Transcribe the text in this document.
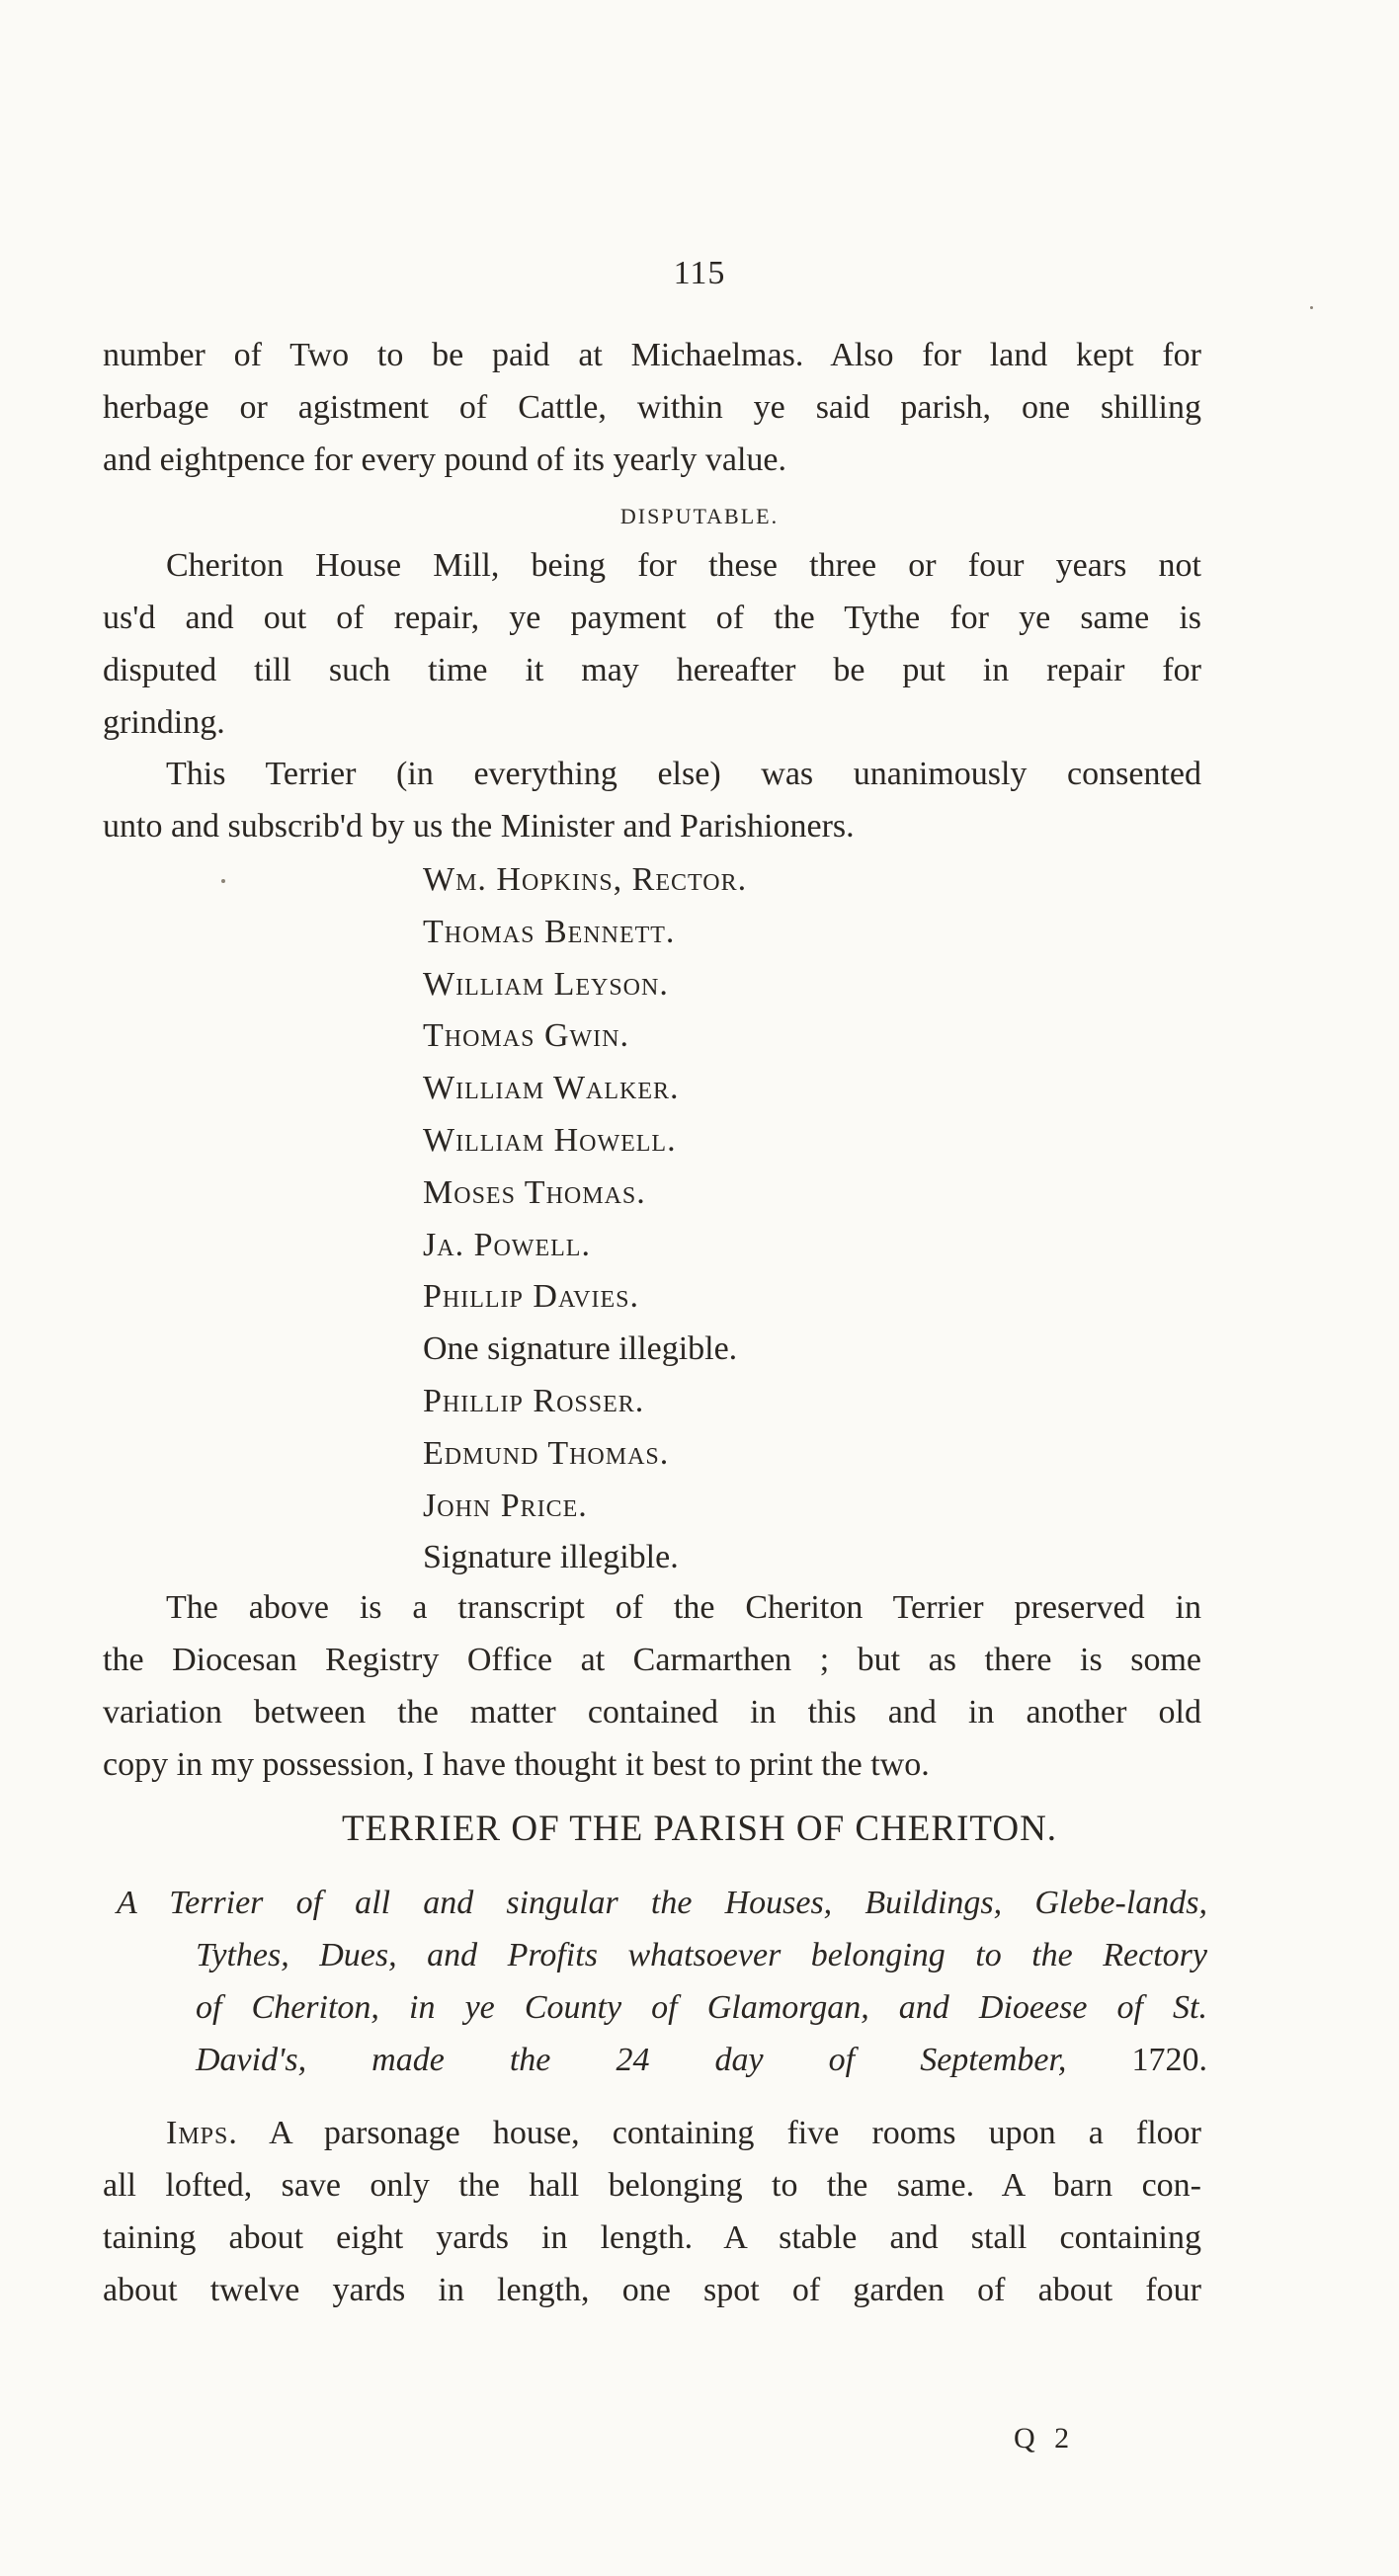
115
number of Two to be paid at Michaelmas. Also for land kept for
herbage or agistment of Cattle, within ye said parish, one shilling
and eightpence for every pound of its yearly value.
DISPUTABLE.
Cheriton House Mill, being for these three or four years not
us'd and out of repair, ye payment of the Tythe for ye same is
disputed till such time it may hereafter be put in repair for
grinding.
This Terrier (in everything else) was unanimously consented
unto and subscrib'd by us the Minister and Parishioners.
Wm. Hopkins, Rector.
Thomas Bennett.
William Leyson.
Thomas Gwin.
William Walker.
William Howell.
Moses Thomas.
Ja. Powell.
Phillip Davies.
One signature illegible.
Phillip Rosser.
Edmund Thomas.
John Price.
Signature illegible.
The above is a transcript of the Cheriton Terrier preserved in
the Diocesan Registry Office at Carmarthen ; but as there is some
variation between the matter contained in this and in another old
copy in my possession, I have thought it best to print the two.
TERRIER OF THE PARISH OF CHERITON.
A Terrier of all and singular the Houses, Buildings, Glebe-lands,
Tythes, Dues, and Profits whatsoever belonging to the Rectory
of Cheriton, in ye County of Glamorgan, and Dioeese of St.
David's, made the 24 day of September, 1720.
Imps. A parsonage house, containing five rooms upon a floor
all lofted, save only the hall belonging to the same. A barn con-
taining about eight yards in length. A stable and stall containing
about twelve yards in length, one spot of garden of about four
Q 2
